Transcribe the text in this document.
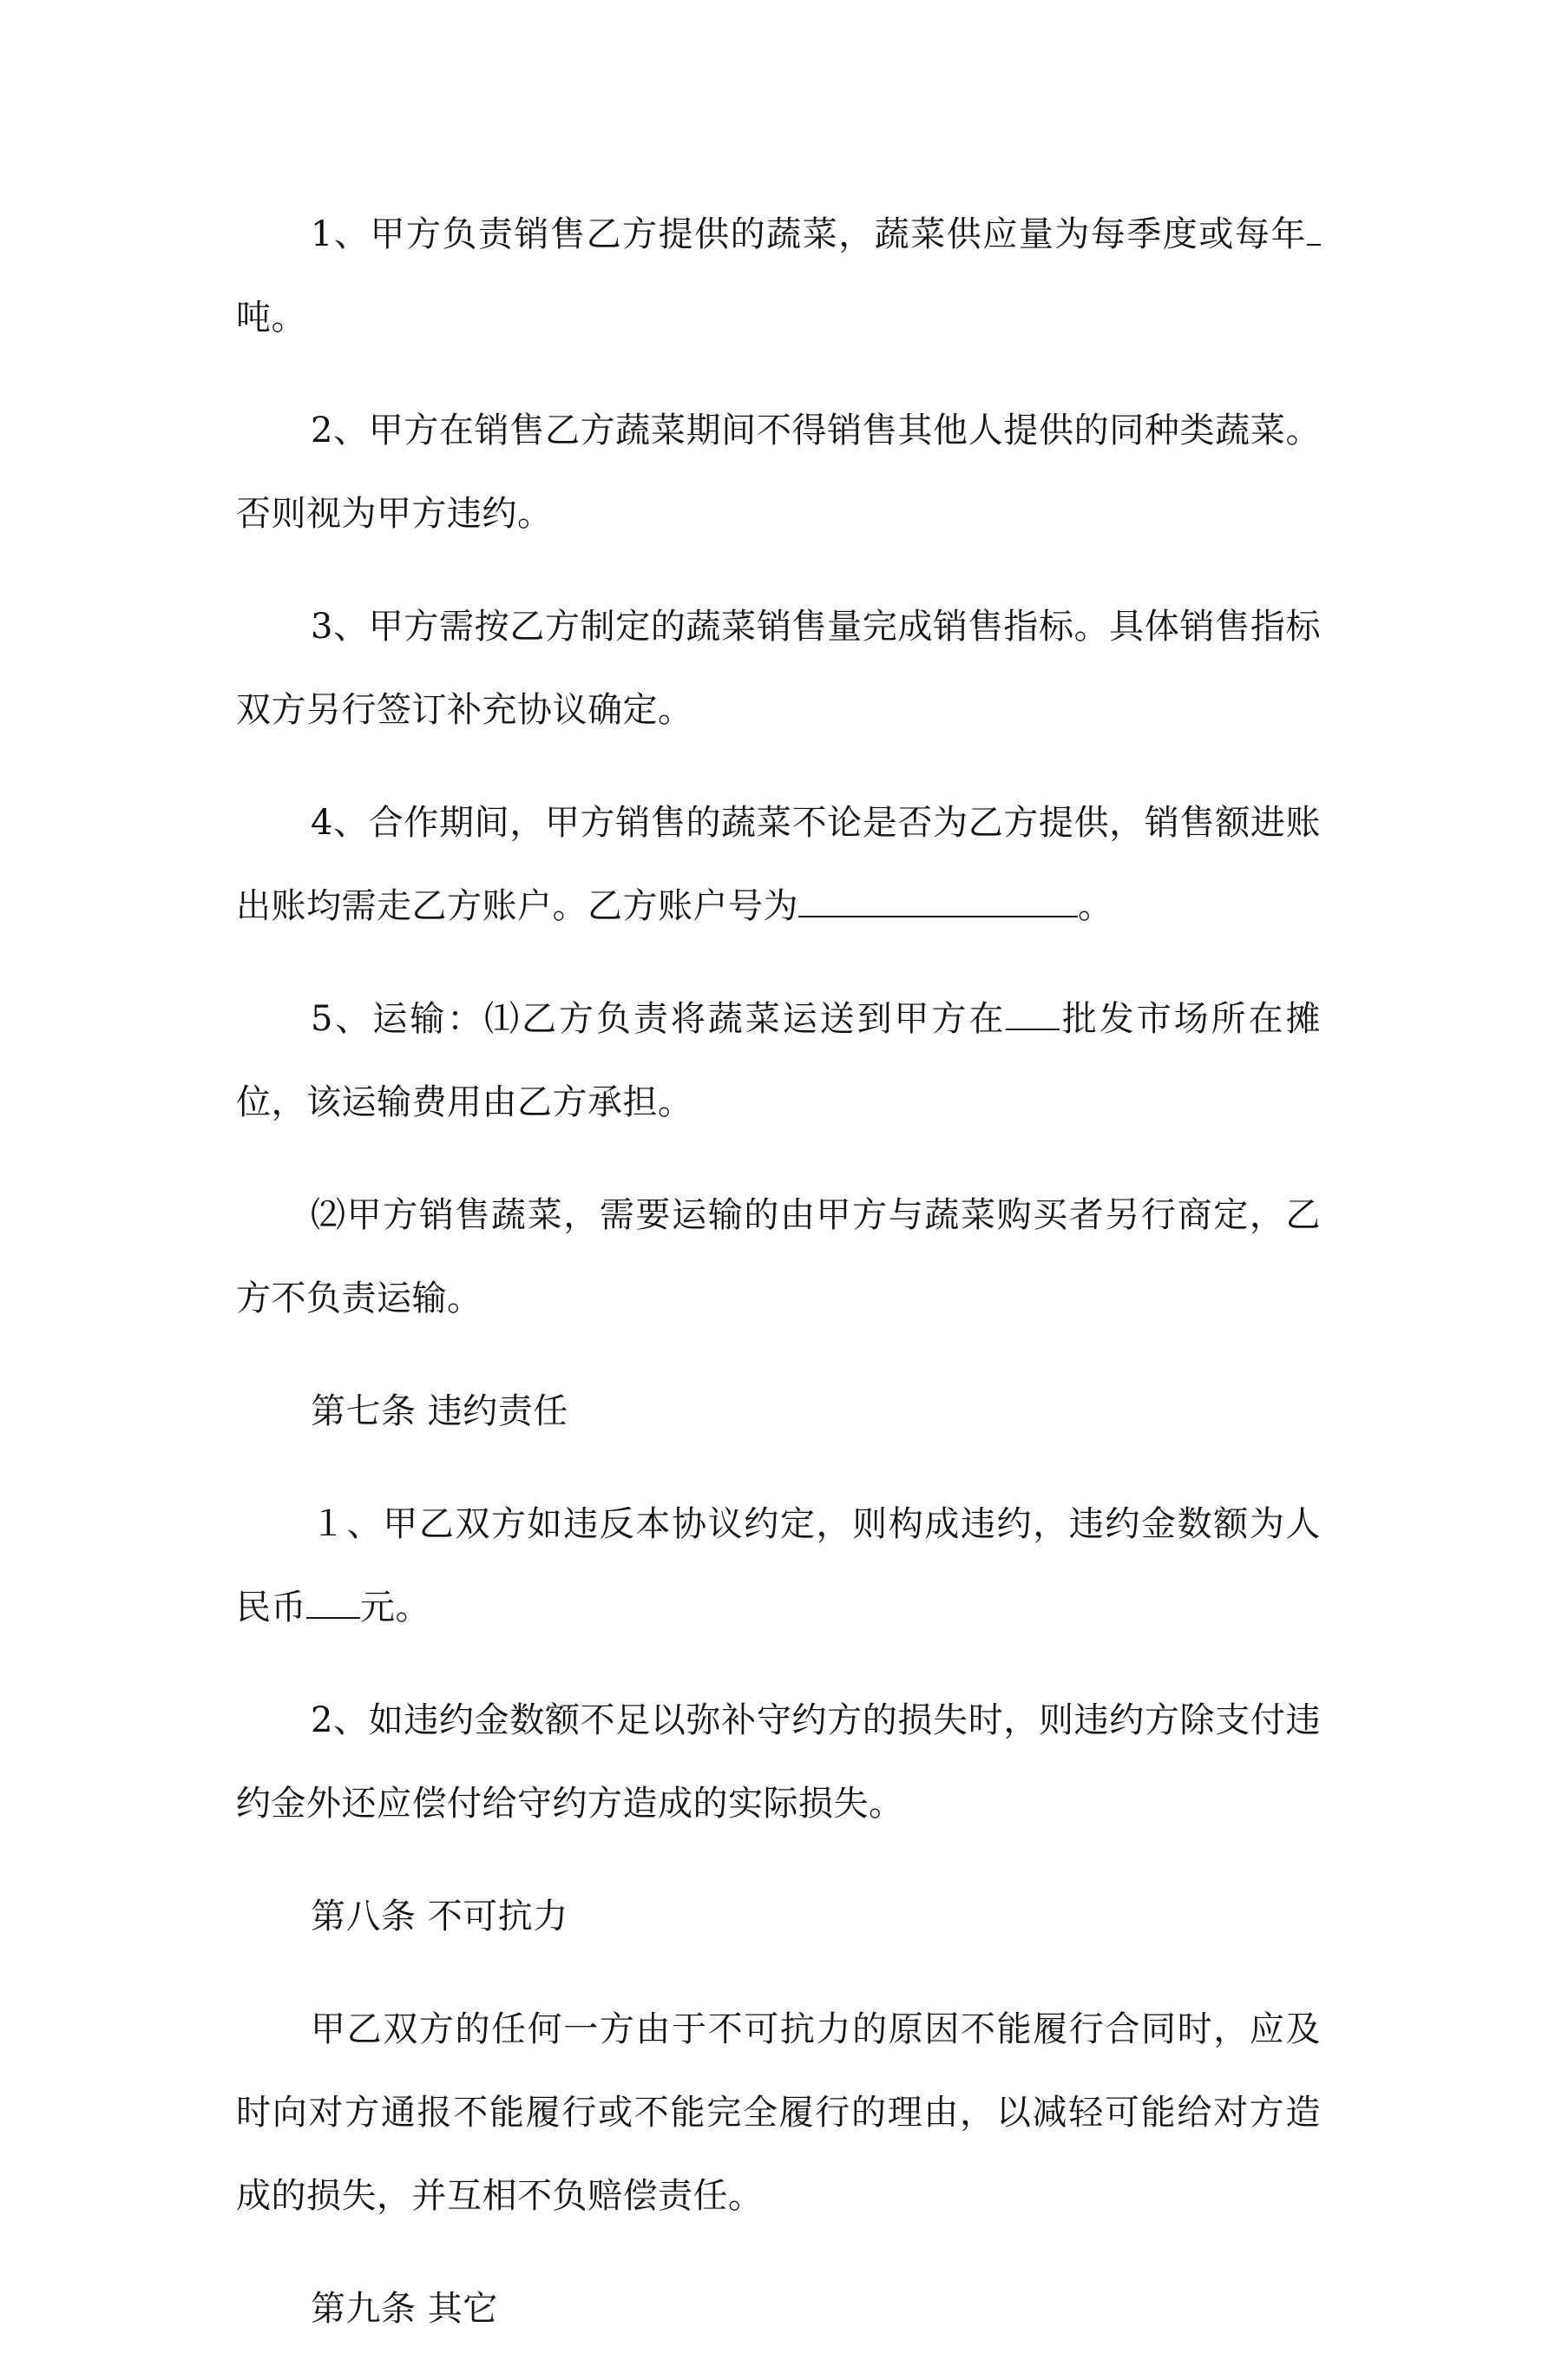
1、甲方负责销售乙方提供的蔬菜，蔬菜供应量为每季度或每年吨。

2、甲方在销售乙方蔬菜期间不得销售其他人提供的同种类蔬菜。否则视为甲方违约。

3、甲方需按乙方制定的蔬菜销售量完成销售指标。具体销售指标双方另行签订补充协议确定。

4、合作期间，甲方销售的蔬菜不论是否为乙方提供，销售额进账出账均需走乙方账户。乙方账户号为	。

5、运输：⑴乙方负责将蔬菜运送到甲方在 批发市场所在摊位，该运输费用由乙方承担。

⑵甲方销售蔬菜，需要运输的由甲方与蔬菜购买者另行商定，乙方不负责运输。

第七条 违约责任

１、甲乙双方如违反本协议约定，则构成违约，违约金数额为人民币 元。

2、如违约金数额不足以弥补守约方的损失时，则违约方除支付违约金外还应偿付给守约方造成的实际损失。

第八条 不可抗力

甲乙双方的任何一方由于不可抗力的原因不能履行合同时，应及时向对方通报不能履行或不能完全履行的理由，以减轻可能给对方造成的损失，并互相不负赔偿责任。

第九条 其它
